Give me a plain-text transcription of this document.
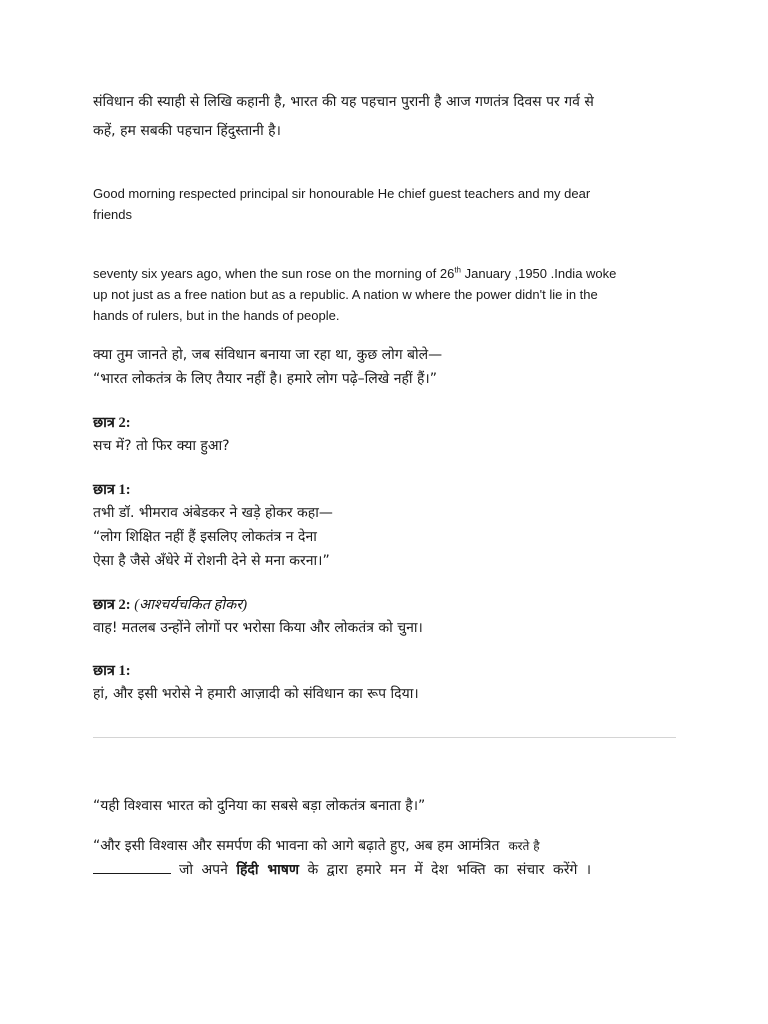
संविधान की स्याही से लिखि कहानी है, भारत की यह पहचान पुरानी है आज गणतंत्र दिवस पर गर्व से

कहें, हम सबकी पहचान हिंदुस्तानी है।

Good morning respected principal sir honourable He chief guest teachers and my dear

friends

seventy six years ago, when the sun rose on the morning of 26th January ,1950 .India woke

up not just as a free nation but as a republic. A nation w where the power didn't lie in the

hands of rulers, but in the hands of people.

क्या तुम जानते हो, जब संविधान बनाया जा रहा था, कुछ लोग बोले—

“भारत लोकतंत्र के लिए तैयार नहीं है। हमारे लोग पढ़े–लिखे नहीं हैं।”

छात्र 2:

सच में? तो फिर क्या हुआ?

छात्र 1:

तभी डॉ. भीमराव अंबेडकर ने खड़े होकर कहा—

“लोग शिक्षित नहीं हैं इसलिए लोकतंत्र न देना

ऐसा है जैसे अँधेरे में रोशनी देने से मना करना।”

छात्र 2: (आश्चर्यचकित होकर)

वाह! मतलब उन्होंने लोगों पर भरोसा किया और लोकतंत्र को चुना।

छात्र 1:

हां, और इसी भरोसे ने हमारी आज़ादी को संविधान का रूप दिया।

“यही विश्वास भारत को दुनिया का सबसे बड़ा लोकतंत्र बनाता है।”

“और इसी विश्वास और समर्पण की भावना को आगे बढ़ाते हुए, अब हम आमंत्रित करते है

जो अपने हिंदी भाषण के द्वारा हमारे मन में देश भक्ति का संचार करेंगे ।
